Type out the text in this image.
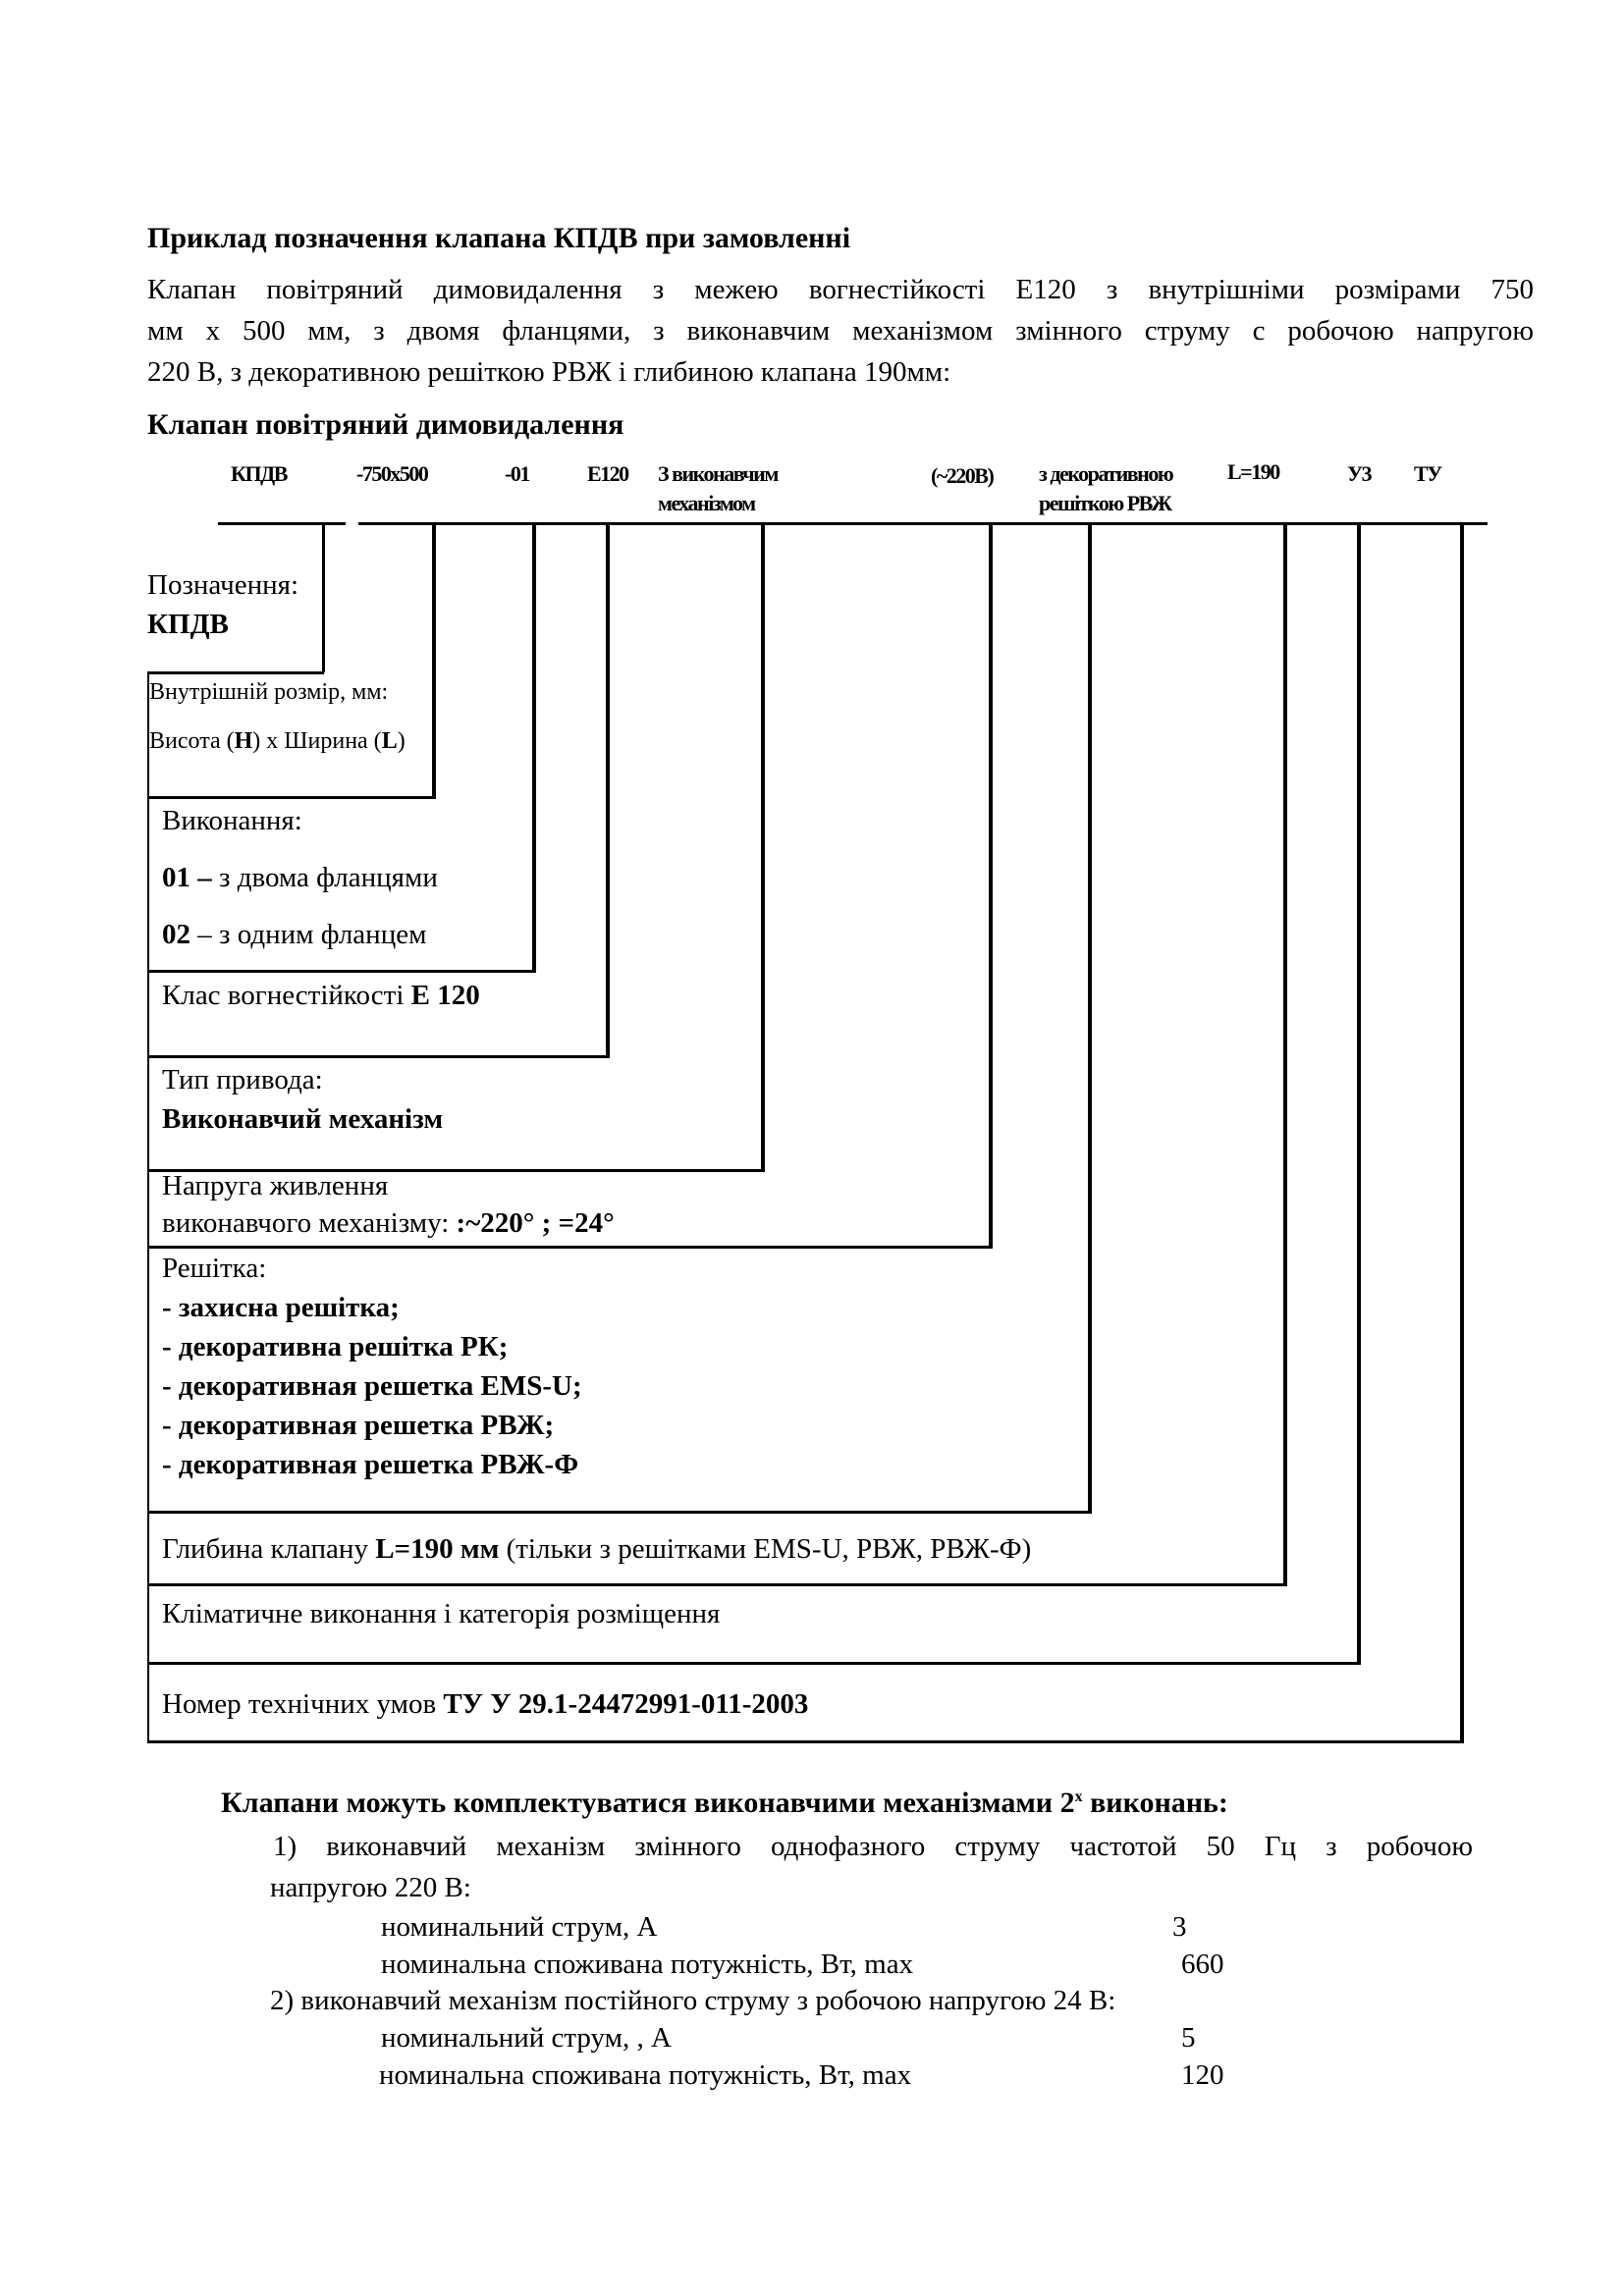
Приклад позначення клапана КПДВ при замовленні
Клапан повітряний димовидалення з межею вогнестійкості Е120 з внутрішніми розмірами 750
мм х 500 мм, з двомя фланцями, з виконавчим механізмом змінного струму с робочою напругою
220 В, з декоративною решіткою РВЖ і глибиною клапана 190мм:
Клапан повітряний димовидалення
КПДВ	-750х500	-01	Е120 З виконавчим
механізмом
(~220В) з декоративною
решіткою РВЖ
L=190	У3 ТУ
Позначення:
КПДВ
Внутрішній розмір, мм:
Висота (Н) х Ширина (L)
Виконання:
01 – з двома фланцями
02 – з одним фланцем
Клас вогнестійкості Е 120
Тип привода:
Виконавчий механізм
Напруга живлення
виконавчого механізму: :~220° ; =24°
Решітка:
- захисна решітка;
- декоративна решітка РК;
- декоративная решетка EMS-U;
- декоративная решетка РВЖ;
- декоративная решетка РВЖ-Ф
Глибина клапану L=190 мм (тільки з решітками EMS-U, РВЖ, РВЖ-Ф)
Кліматичне виконання і категорія розміщення
Номер технічних умов ТУ У 29.1-24472991-011-2003
Клапани можуть комплектуватися виконавчими механізмами $2^х$ виконань:
1) виконавчий механізм змінного однофазного струму частотой 50 Гц з робочою
напругою 220 В:
номинальний струм, А	3
номинальна споживана потужність, Вт, max	660
2) виконавчий механізм постійного струму з робочою напругою 24 В:
номинальний струм, , А	5
номинальна споживана потужність, Вт, max	120
